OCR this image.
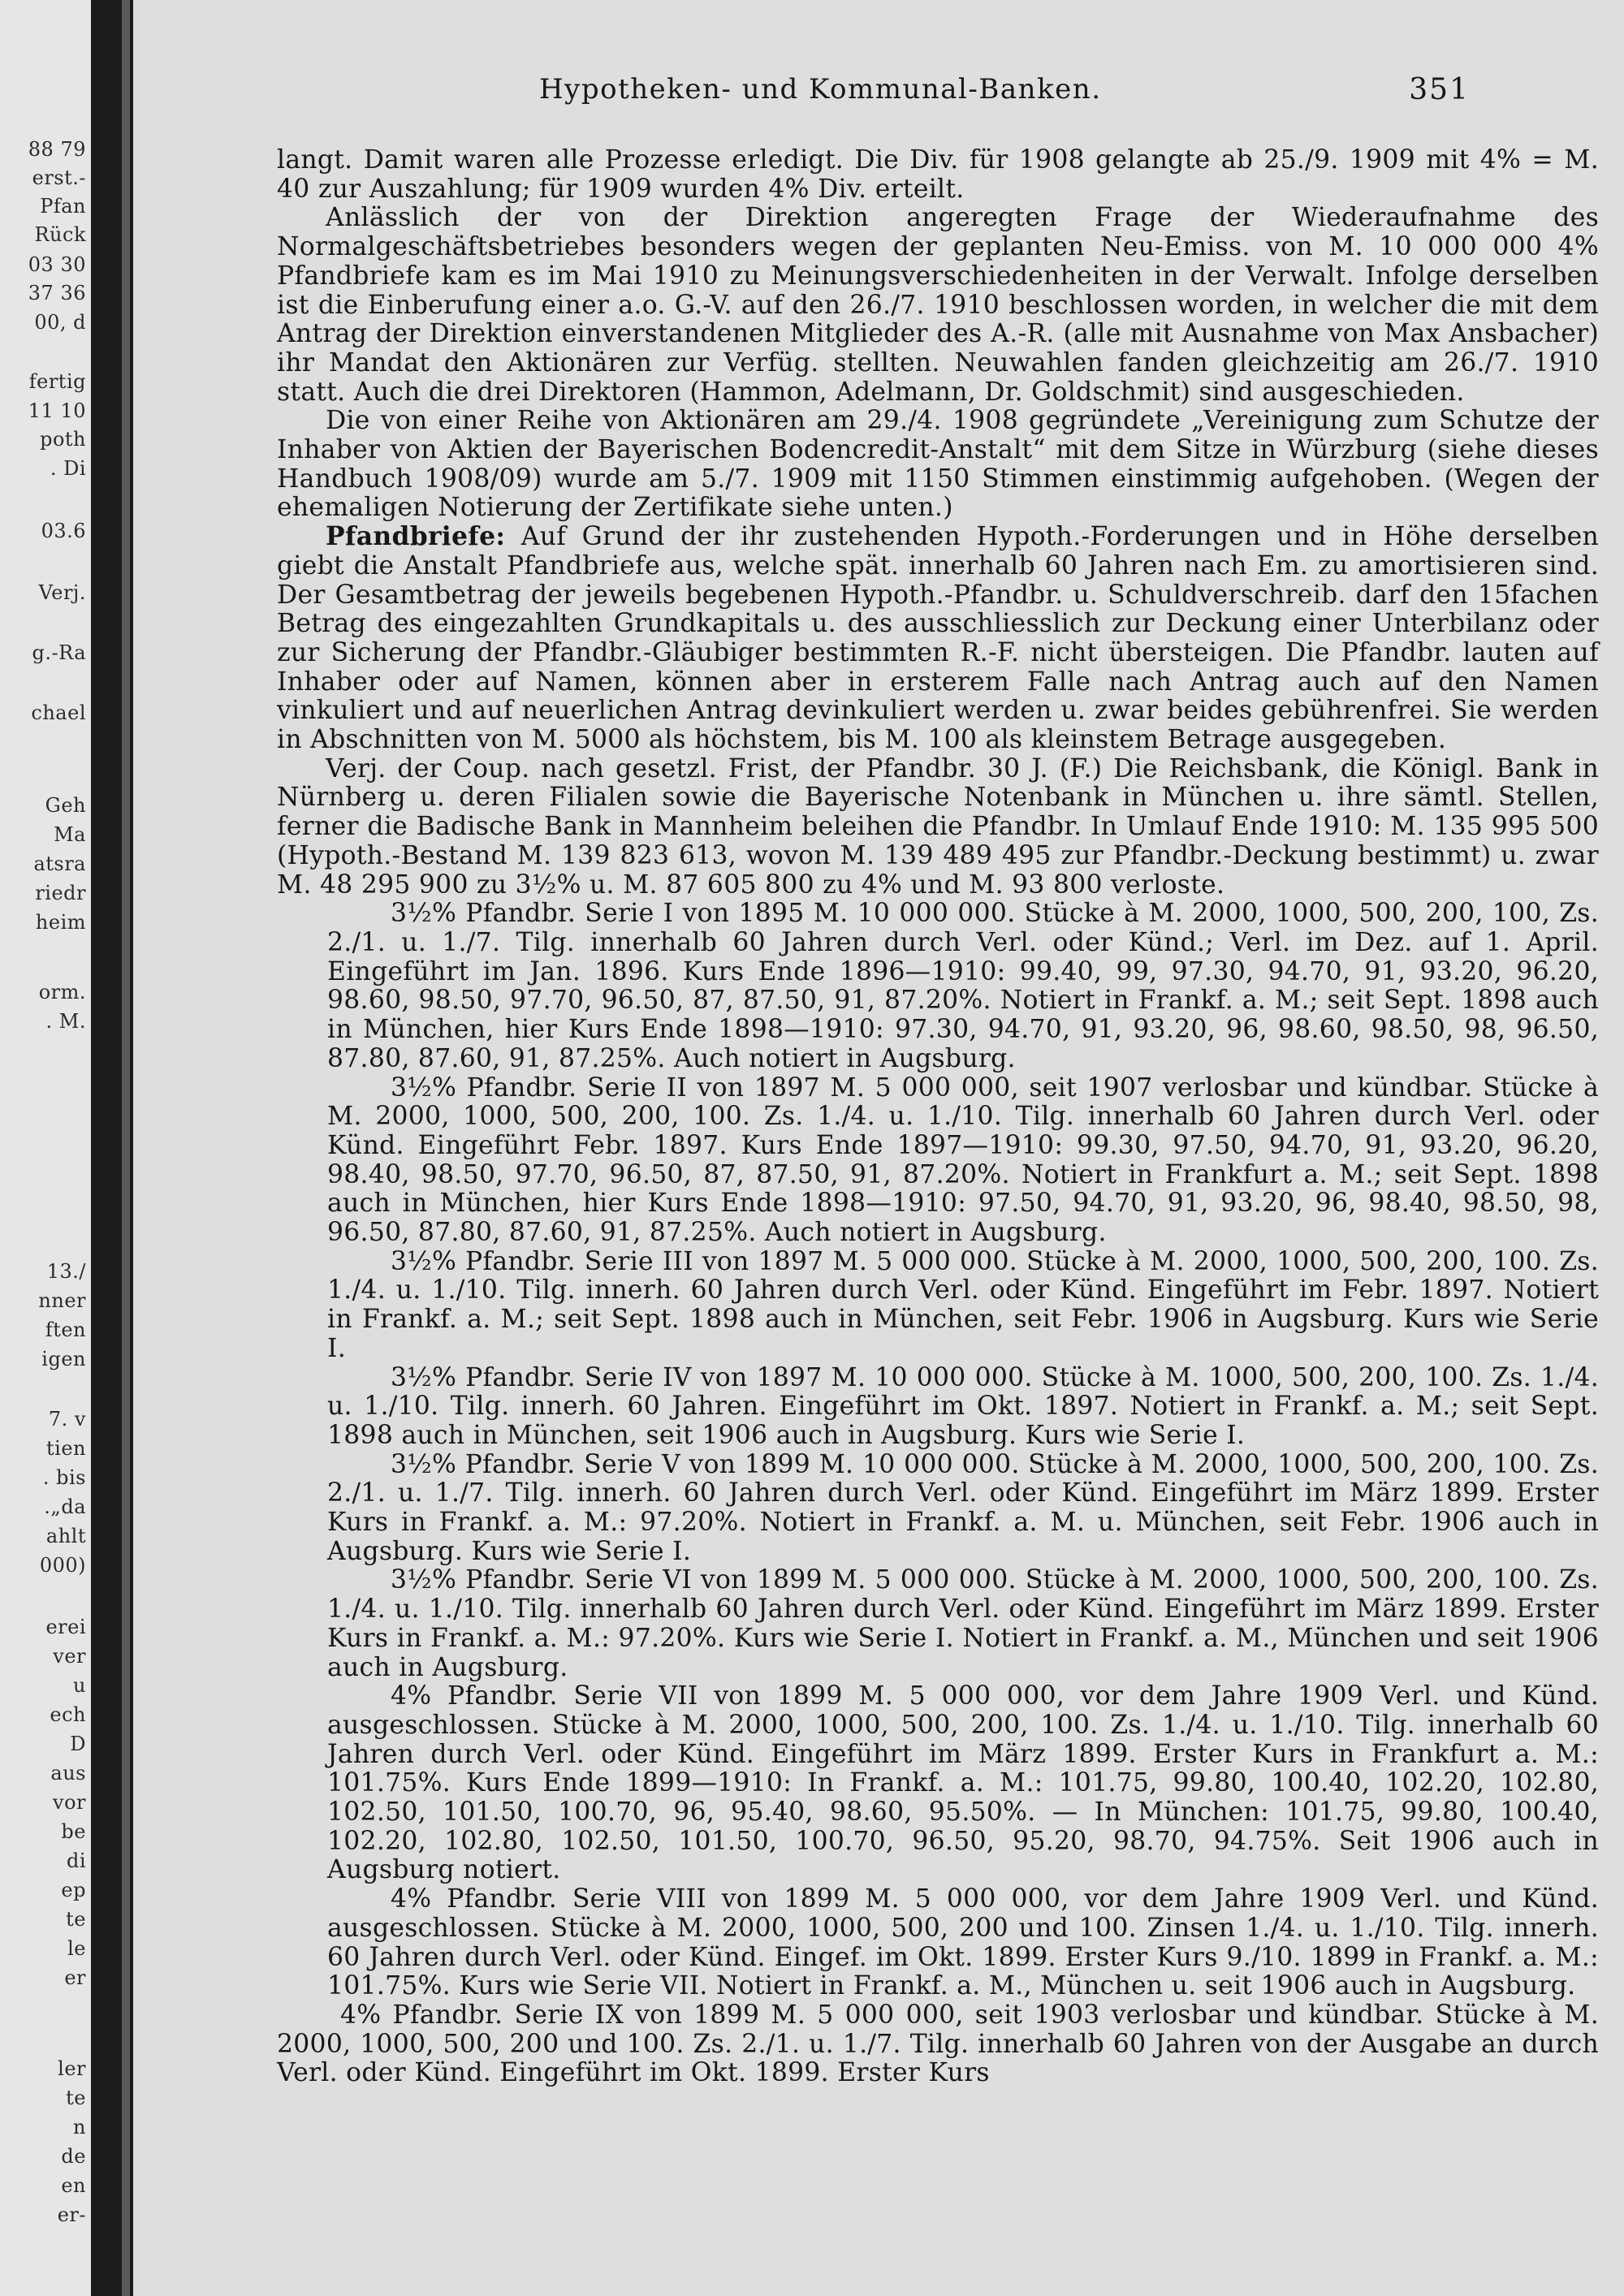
88 79
erst.-
Pfan
Rück
03 30
37 36
00, d
fertig
11 10
poth
. Di
03.6
Verj.
g.-Ra
chael
Geh
Ma
atsra
riedr
heim
orm.
. M.
13./
nner
ften
igen
7. v
tien
. bis
.„da
ahlt
000)
erei
ver
u
ech
D
aus
vor
be
di
ep
te
le
er
ler
te
n
de
en
er-
Hypotheken- und Kommunal-Banken.	351

langt. Damit waren alle Prozesse erledigt. Die Div. für 1908 gelangte ab 25./9. 1909 mit 4% = M. 40 zur Auszahlung; für 1909 wurden 4% Div. erteilt.

Anlässlich der von der Direktion angeregten Frage der Wiederaufnahme des Normalgeschäftsbetriebes besonders wegen der geplanten Neu-Emiss. von M. 10 000 000 4% Pfandbriefe kam es im Mai 1910 zu Meinungsverschiedenheiten in der Verwalt. Infolge derselben ist die Einberufung einer a.o. G.-V. auf den 26./7. 1910 beschlossen worden, in welcher die mit dem Antrag der Direktion einverstandenen Mitglieder des A.-R. (alle mit Ausnahme von Max Ansbacher) ihr Mandat den Aktionären zur Verfüg. stellten. Neuwahlen fanden gleichzeitig am 26./7. 1910 statt. Auch die drei Direktoren (Hammon, Adelmann, Dr. Goldschmit) sind ausgeschieden.

Die von einer Reihe von Aktionären am 29./4. 1908 gegründete „Vereinigung zum Schutze der Inhaber von Aktien der Bayerischen Bodencredit-Anstalt“ mit dem Sitze in Würzburg (siehe dieses Handbuch 1908/09) wurde am 5./7. 1909 mit 1150 Stimmen einstimmig aufgehoben. (Wegen der ehemaligen Notierung der Zertifikate siehe unten.)

Pfandbriefe: Auf Grund der ihr zustehenden Hypoth.-Forderungen und in Höhe derselben giebt die Anstalt Pfandbriefe aus, welche spät. innerhalb 60 Jahren nach Em. zu amortisieren sind. Der Gesamtbetrag der jeweils begebenen Hypoth.-Pfandbr. u. Schuldverschreib. darf den 15fachen Betrag des eingezahlten Grundkapitals u. des ausschliesslich zur Deckung einer Unterbilanz oder zur Sicherung der Pfandbr.-Gläubiger bestimmten R.-F. nicht übersteigen. Die Pfandbr. lauten auf Inhaber oder auf Namen, können aber in ersterem Falle nach Antrag auch auf den Namen vinkuliert und auf neuerlichen Antrag devinkuliert werden u. zwar beides gebührenfrei. Sie werden in Abschnitten von M. 5000 als höchstem, bis M. 100 als kleinstem Betrage ausgegeben.

Verj. der Coup. nach gesetzl. Frist, der Pfandbr. 30 J. (F.) Die Reichsbank, die Königl. Bank in Nürnberg u. deren Filialen sowie die Bayerische Notenbank in München u. ihre sämtl. Stellen, ferner die Badische Bank in Mannheim beleihen die Pfandbr. In Umlauf Ende 1910: M. 135 995 500 (Hypoth.-Bestand M. 139 823 613, wovon M. 139 489 495 zur Pfandbr.-Deckung bestimmt) u. zwar M. 48 295 900 zu 3½% u. M. 87 605 800 zu 4% und M. 93 800 verloste.

3½% Pfandbr. Serie I von 1895 M. 10 000 000. Stücke à M. 2000, 1000, 500, 200, 100, Zs. 2./1. u. 1./7. Tilg. innerhalb 60 Jahren durch Verl. oder Künd.; Verl. im Dez. auf 1. April. Eingeführt im Jan. 1896. Kurs Ende 1896—1910: 99.40, 99, 97.30, 94.70, 91, 93.20, 96.20, 98.60, 98.50, 97.70, 96.50, 87, 87.50, 91, 87.20%. Notiert in Frankf. a. M.; seit Sept. 1898 auch in München, hier Kurs Ende 1898—1910: 97.30, 94.70, 91, 93.20, 96, 98.60, 98.50, 98, 96.50, 87.80, 87.60, 91, 87.25%. Auch notiert in Augsburg.

3½% Pfandbr. Serie II von 1897 M. 5 000 000, seit 1907 verlosbar und kündbar. Stücke à M. 2000, 1000, 500, 200, 100. Zs. 1./4. u. 1./10. Tilg. innerhalb 60 Jahren durch Verl. oder Künd. Eingeführt Febr. 1897. Kurs Ende 1897—1910: 99.30, 97.50, 94.70, 91, 93.20, 96.20, 98.40, 98.50, 97.70, 96.50, 87, 87.50, 91, 87.20%. Notiert in Frankfurt a. M.; seit Sept. 1898 auch in München, hier Kurs Ende 1898—1910: 97.50, 94.70, 91, 93.20, 96, 98.40, 98.50, 98, 96.50, 87.80, 87.60, 91, 87.25%. Auch notiert in Augsburg.

3½% Pfandbr. Serie III von 1897 M. 5 000 000. Stücke à M. 2000, 1000, 500, 200, 100. Zs. 1./4. u. 1./10. Tilg. innerh. 60 Jahren durch Verl. oder Künd. Eingeführt im Febr. 1897. Notiert in Frankf. a. M.; seit Sept. 1898 auch in München, seit Febr. 1906 in Augsburg. Kurs wie Serie I.

3½% Pfandbr. Serie IV von 1897 M. 10 000 000. Stücke à M. 1000, 500, 200, 100. Zs. 1./4. u. 1./10. Tilg. innerh. 60 Jahren. Eingeführt im Okt. 1897. Notiert in Frankf. a. M.; seit Sept. 1898 auch in München, seit 1906 auch in Augsburg. Kurs wie Serie I.

3½% Pfandbr. Serie V von 1899 M. 10 000 000. Stücke à M. 2000, 1000, 500, 200, 100. Zs. 2./1. u. 1./7. Tilg. innerh. 60 Jahren durch Verl. oder Künd. Eingeführt im März 1899. Erster Kurs in Frankf. a. M.: 97.20%. Notiert in Frankf. a. M. u. München, seit Febr. 1906 auch in Augsburg. Kurs wie Serie I.

3½% Pfandbr. Serie VI von 1899 M. 5 000 000. Stücke à M. 2000, 1000, 500, 200, 100. Zs. 1./4. u. 1./10. Tilg. innerhalb 60 Jahren durch Verl. oder Künd. Eingeführt im März 1899. Erster Kurs in Frankf. a. M.: 97.20%. Kurs wie Serie I. Notiert in Frankf. a. M., München und seit 1906 auch in Augsburg.

4% Pfandbr. Serie VII von 1899 M. 5 000 000, vor dem Jahre 1909 Verl. und Künd. ausgeschlossen. Stücke à M. 2000, 1000, 500, 200, 100. Zs. 1./4. u. 1./10. Tilg. innerhalb 60 Jahren durch Verl. oder Künd. Eingeführt im März 1899. Erster Kurs in Frankfurt a. M.: 101.75%. Kurs Ende 1899—1910: In Frankf. a. M.: 101.75, 99.80, 100.40, 102.20, 102.80, 102.50, 101.50, 100.70, 96, 95.40, 98.60, 95.50%. — In München: 101.75, 99.80, 100.40, 102.20, 102.80, 102.50, 101.50, 100.70, 96.50, 95.20, 98.70, 94.75%. Seit 1906 auch in Augsburg notiert.

4% Pfandbr. Serie VIII von 1899 M. 5 000 000, vor dem Jahre 1909 Verl. und Künd. ausgeschlossen. Stücke à M. 2000, 1000, 500, 200 und 100. Zinsen 1./4. u. 1./10. Tilg. innerh. 60 Jahren durch Verl. oder Künd. Eingef. im Okt. 1899. Erster Kurs 9./10. 1899 in Frankf. a. M.: 101.75%. Kurs wie Serie VII. Notiert in Frankf. a. M., München u. seit 1906 auch in Augsburg.

4% Pfandbr. Serie IX von 1899 M. 5 000 000, seit 1903 verlosbar und kündbar. Stücke à M. 2000, 1000, 500, 200 und 100. Zs. 2./1. u. 1./7. Tilg. innerhalb 60 Jahren von der Ausgabe an durch Verl. oder Künd. Eingeführt im Okt. 1899. Erster Kurs
